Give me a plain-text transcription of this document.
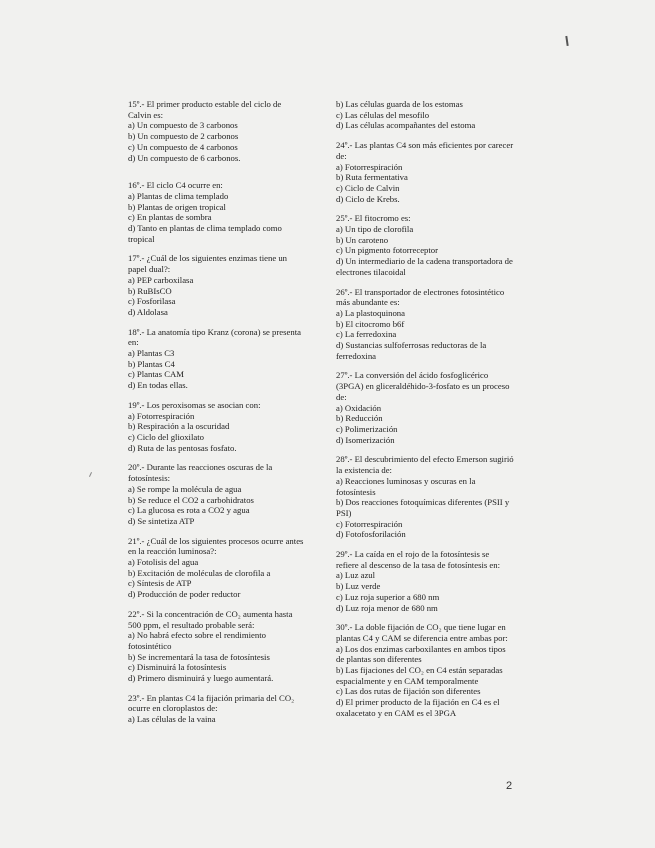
15º.- El primer producto estable del ciclo de Calvin es:
a) Un compuesto de 3 carbonos
b) Un compuesto de 2 carbonos
c) Un compuesto de 4 carbonos
d) Un compuesto de 6 carbonos.
16º.- El ciclo C4 ocurre en:
a) Plantas de clima templado
b) Plantas de origen tropical
c) En plantas de sombra
d) Tanto en plantas de clima templado como tropical
17º.- ¿Cuál de los siguientes enzimas tiene un papel dual?:
a) PEP carboxilasa
b) RuBIsCO
c) Fosforilasa
d) Aldolasa
18º.- La anatomía tipo Kranz (corona) se presenta en:
a) Plantas C3
b) Plantas C4
c) Plantas CAM
d) En todas ellas.
19º.- Los peroxisomas se asocian con:
a) Fotorrespiración
b) Respiración a la oscuridad
c) Ciclo del glioxilato
d) Ruta de las pentosas fosfato.
20º.- Durante las reacciones oscuras de la fotosíntesis:
a) Se rompe la molécula de agua
b) Se reduce el CO2 a carbohidratos
c) La glucosa es rota a CO2 y agua
d) Se sintetiza ATP
21º.- ¿Cuál de los siguientes procesos ocurre antes en la reacción luminosa?:
a) Fotolisis del agua
b) Excitación de moléculas de clorofila a
c) Síntesis de ATP
d) Producción de poder reductor
22º.- Si la concentración de CO₂ aumenta hasta 500 ppm, el resultado probable será:
a) No habrá efecto sobre el rendimiento fotosintético
b) Se incrementará la tasa de fotosíntesis
c) Disminuirá la fotosíntesis
d) Primero disminuirá y luego aumentará.
23º.- En plantas C4 la fijación primaria del CO₂ ocurre en cloroplastos de:
a) Las células de la vaina
b) Las células guarda de los estomas
c) Las células del mesofilo
d) Las células acompañantes del estoma
24º.- Las plantas C4 son más eficientes por carecer de:
a) Fotorrespiración
b) Ruta fermentativa
c) Ciclo de Calvin
d) Ciclo de Krebs.
25º.- El fitocromo es:
a) Un tipo de clorofila
b) Un caroteno
c) Un pigmento fotorreceptor
d) Un intermediario de la cadena transportadora de electrones tilacoidal
26º.- El transportador de electrones fotosintético más abundante es:
a) La plastoquinona
b) El citocromo b6f
c) La ferredoxina
d) Sustancias sulfoferrosas reductoras de la ferredoxina
27º.- La conversión del ácido fosfoglicérico (3PGA) en gliceraldéhido-3-fosfato es un proceso de:
a) Oxidación
b) Reducción
c) Polimerización
d) Isomerización
28º.- El descubrimiento del efecto Emerson sugirió la existencia de:
a) Reacciones luminosas y oscuras en la fotosíntesis
b) Dos reacciones fotoquímicas diferentes (PSII y PSI)
c) Fotorrespiración
d) Fotofosforilación
29º.- La caída en el rojo de la fotosíntesis se refiere al descenso de la tasa de fotosíntesis en:
a) Luz azul
b) Luz verde
c) Luz roja superior a 680 nm
d) Luz roja menor de 680 nm
30º.- La doble fijación de CO₂ que tiene lugar en plantas C4 y CAM se diferencia entre ambas por:
a) Los dos enzimas carboxilantes en ambos tipos de plantas son diferentes
b) Las fijaciones del CO₂ en C4 están separadas espacialmente y en CAM temporalmente
c) Las dos rutas de fijación son diferentes
d) El primer producto de la fijación en C4 es el oxalacetato y en CAM es el 3PGA
2
